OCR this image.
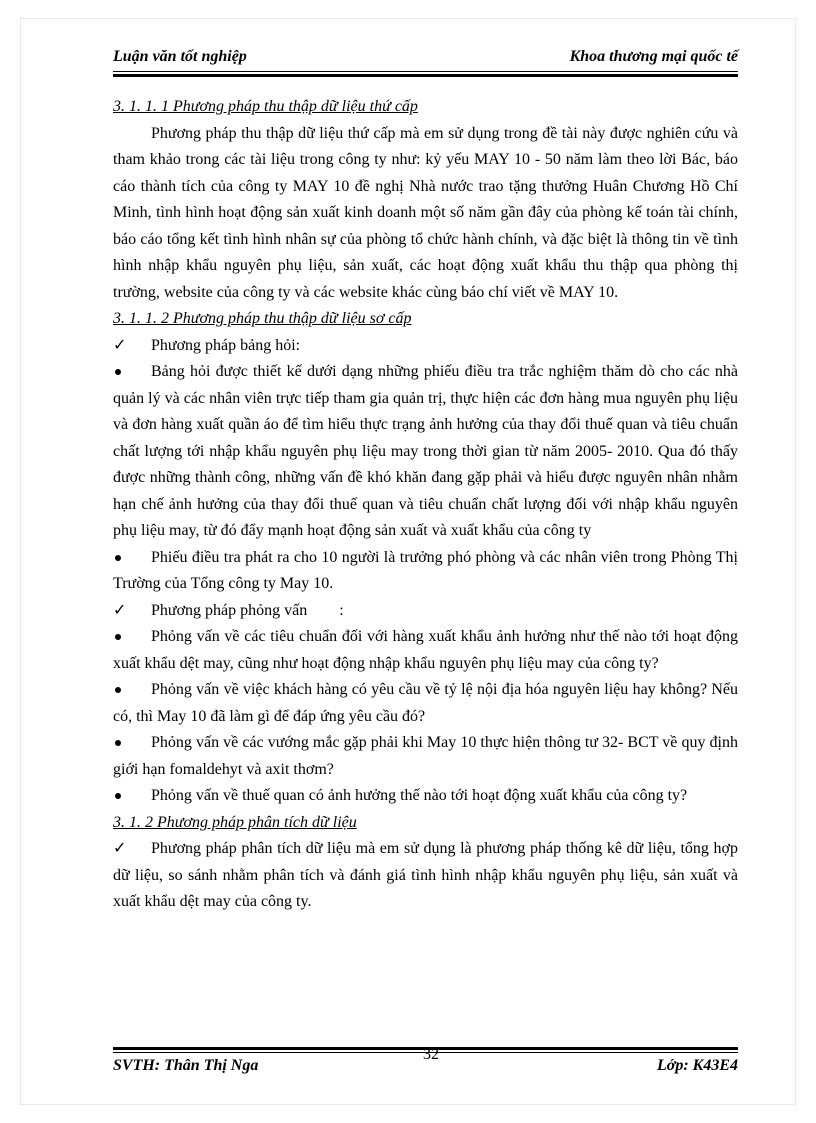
Luận văn tốt nghiệp	Khoa thương mại quốc tế

3. 1. 1. 1 Phương pháp thu thập dữ liệu thứ cấp

Phương pháp thu thập dữ liệu thứ cấp mà em sử dụng trong đề tài này được nghiên cứu và tham khảo trong các tài liệu trong công ty như: kỷ yếu MAY 10 - 50 năm làm theo lời Bác, báo cáo thành tích của công ty MAY 10 đề nghị Nhà nước trao tặng thưởng Huân Chương Hồ Chí Minh, tình hình hoạt động sản xuất kinh doanh một số năm gần đây của phòng kế toán tài chính, báo cáo tổng kết tình hình nhân sự của phòng tổ chức hành chính, và đặc biệt là thông tin về tình hình nhập khẩu nguyên phụ liệu, sản xuất, các hoạt động xuất khẩu thu thập qua phòng thị trường, website của công ty và các website khác cùng báo chí viết về MAY 10.

3. 1. 1. 2 Phương pháp thu thập dữ liệu sơ cấp

✓	Phương pháp bảng hỏi:

Bảng hỏi được thiết kế dưới dạng những phiếu điều tra trắc nghiệm thăm dò cho các nhà quản lý và các nhân viên trực tiếp tham gia quản trị, thực hiện các đơn hàng mua nguyên phụ liệu và đơn hàng xuất quần áo để tìm hiểu thực trạng ảnh hưởng của thay đổi thuế quan và tiêu chuẩn chất lượng tới nhập khẩu nguyên phụ liệu may trong thời gian từ năm 2005- 2010. Qua đó thấy được những thành công, những vấn đề khó khăn đang gặp phải và hiểu được nguyên nhân nhằm hạn chế ảnh hưởng của thay đổi thuế quan và tiêu chuẩn chất lượng đối với nhập khẩu nguyên phụ liệu may, từ đó đẩy mạnh hoạt động sản xuất và xuất khẩu của công ty

Phiếu điều tra phát ra cho 10 người là trưởng phó phòng và các nhân viên trong Phòng Thị Trường của Tổng công ty May 10.

✓	Phương pháp phỏng vấn        :

Phỏng vấn về các tiêu chuẩn đối với hàng xuất khẩu ảnh hưởng như thế nào tới hoạt động xuất khẩu dệt may, cũng như hoạt động nhập khẩu nguyên phụ liệu may của công ty?

Phỏng vấn về việc khách hàng có yêu cầu về tỷ lệ nội địa hóa nguyên liệu hay không? Nếu có, thì May 10 đã làm gì để đáp ứng yêu cầu đó?

Phỏng vấn về các vướng mắc gặp phải khi May 10 thực hiện thông tư 32- BCT về quy định giới hạn fomaldehyt và axit thơm?

Phỏng vấn về thuế quan có ảnh hưởng thế nào tới hoạt động xuất khẩu của công ty?

3. 1. 2 Phương pháp phân tích dữ liệu

✓	Phương pháp phân tích dữ liệu mà em sử dụng là phương pháp thống kê dữ liệu, tổng hợp dữ liệu, so sánh nhằm phân tích và đánh giá tình hình nhập khẩu nguyên phụ liệu, sản xuất và xuất khẩu dệt may của công ty.

SVTH: Thân Thị Nga
32
Lớp: K43E4
